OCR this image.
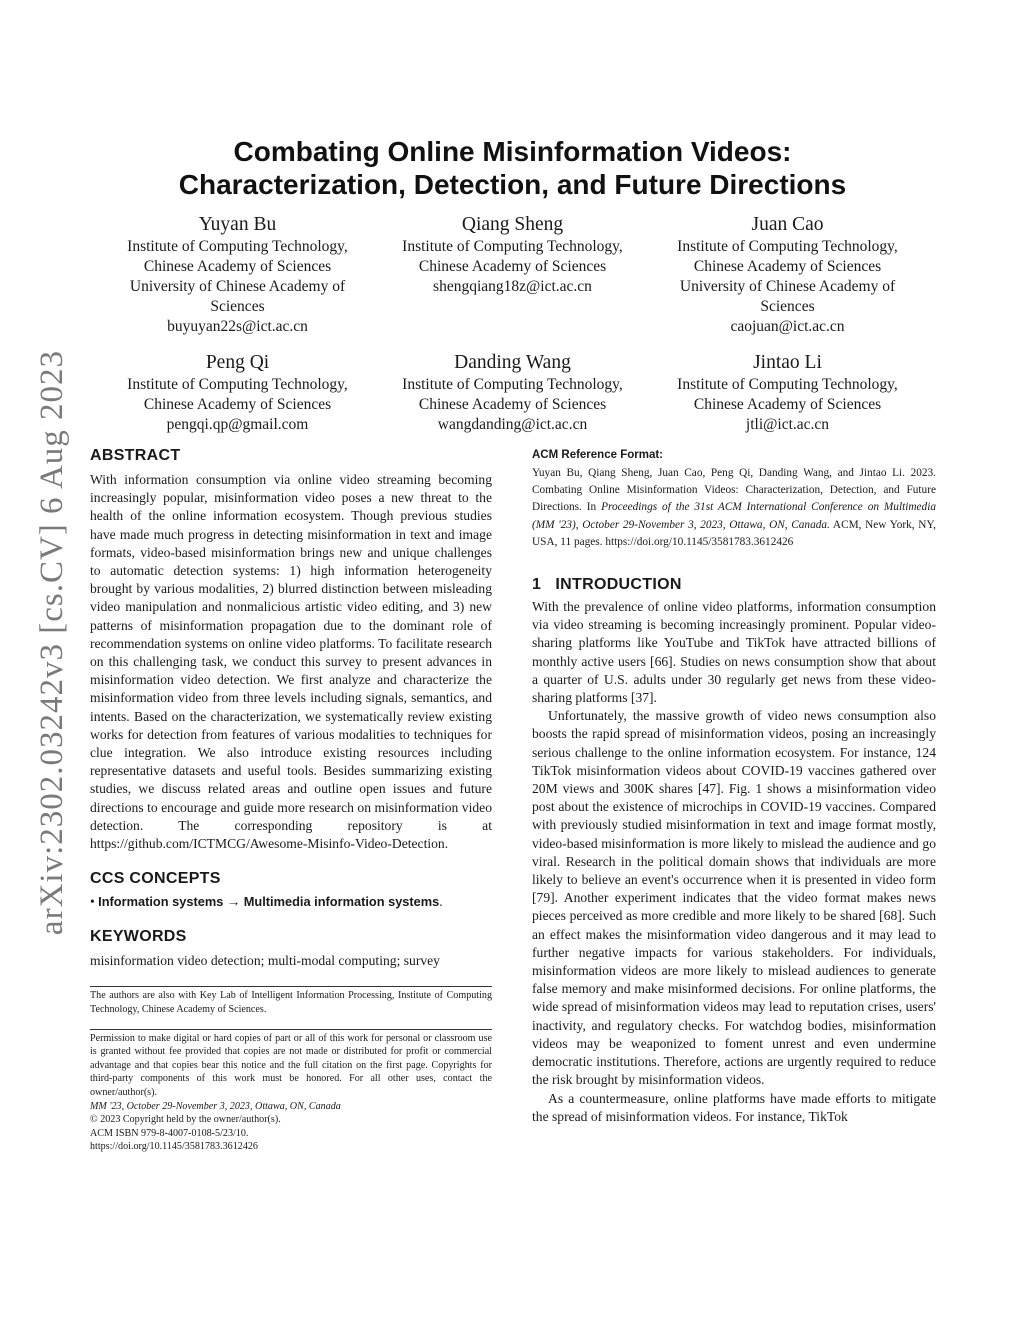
arXiv:2302.03242v3 [cs.CV] 6 Aug 2023
Combating Online Misinformation Videos:
Characterization, Detection, and Future Directions
Yuyan Bu
Institute of Computing Technology,
Chinese Academy of Sciences
University of Chinese Academy of
Sciences
buyuyan22s@ict.ac.cn
Qiang Sheng
Institute of Computing Technology,
Chinese Academy of Sciences
shengqiang18z@ict.ac.cn
Juan Cao
Institute of Computing Technology,
Chinese Academy of Sciences
University of Chinese Academy of
Sciences
caojuan@ict.ac.cn
Peng Qi
Institute of Computing Technology,
Chinese Academy of Sciences
pengqi.qp@gmail.com
Danding Wang
Institute of Computing Technology,
Chinese Academy of Sciences
wangdanding@ict.ac.cn
Jintao Li
Institute of Computing Technology,
Chinese Academy of Sciences
jtli@ict.ac.cn
ABSTRACT

With information consumption via online video streaming becoming increasingly popular, misinformation video poses a new threat to the health of the online information ecosystem. Though previous studies have made much progress in detecting misinformation in text and image formats, video-based misinformation brings new and unique challenges to automatic detection systems: 1) high information heterogeneity brought by various modalities, 2) blurred distinction between misleading video manipulation and nonmalicious artistic video editing, and 3) new patterns of misinformation propagation due to the dominant role of recommendation systems on online video platforms. To facilitate research on this challenging task, we conduct this survey to present advances in misinformation video detection. We first analyze and characterize the misinformation video from three levels including signals, semantics, and intents. Based on the characterization, we systematically review existing works for detection from features of various modalities to techniques for clue integration. We also introduce existing resources including representative datasets and useful tools. Besides summarizing existing studies, we discuss related areas and outline open issues and future directions to encourage and guide more research on misinformation video detection. The corresponding repository is at https://github.com/ICTMCG/Awesome-Misinfo-Video-Detection.

CCS CONCEPTS
• Information systems → Multimedia information systems.
KEYWORDS

misinformation video detection; multi-modal computing; survey

The authors are also with Key Lab of Intelligent Information Processing, Institute of Computing Technology, Chinese Academy of Sciences.

Permission to make digital or hard copies of part or all of this work for personal or classroom use is granted without fee provided that copies are not made or distributed for profit or commercial advantage and that copies bear this notice and the full citation on the first page. Copyrights for third-party components of this work must be honored. For all other uses, contact the owner/author(s).

MM '23, October 29-November 3, 2023, Ottawa, ON, Canada

© 2023 Copyright held by the owner/author(s).

ACM ISBN 979-8-4007-0108-5/23/10.

https://doi.org/10.1145/3581783.3612426

ACM Reference Format:

Yuyan Bu, Qiang Sheng, Juan Cao, Peng Qi, Danding Wang, and Jintao Li. 2023. Combating Online Misinformation Videos: Characterization, Detection, and Future Directions. In Proceedings of the 31st ACM International Conference on Multimedia (MM '23), October 29-November 3, 2023, Ottawa, ON, Canada. ACM, New York, NY, USA, 11 pages. https://doi.org/10.1145/3581783.3612426

1   INTRODUCTION

With the prevalence of online video platforms, information consumption via video streaming is becoming increasingly prominent. Popular video-sharing platforms like YouTube and TikTok have attracted billions of monthly active users [66]. Studies on news consumption show that about a quarter of U.S. adults under 30 regularly get news from these video-sharing platforms [37].

Unfortunately, the massive growth of video news consumption also boosts the rapid spread of misinformation videos, posing an increasingly serious challenge to the online information ecosystem. For instance, 124 TikTok misinformation videos about COVID-19 vaccines gathered over 20M views and 300K shares [47]. Fig. 1 shows a misinformation video post about the existence of microchips in COVID-19 vaccines. Compared with previously studied misinformation in text and image format mostly, video-based misinformation is more likely to mislead the audience and go viral. Research in the political domain shows that individuals are more likely to believe an event's occurrence when it is presented in video form [79]. Another experiment indicates that the video format makes news pieces perceived as more credible and more likely to be shared [68]. Such an effect makes the misinformation video dangerous and it may lead to further negative impacts for various stakeholders. For individuals, misinformation videos are more likely to mislead audiences to generate false memory and make misinformed decisions. For online platforms, the wide spread of misinformation videos may lead to reputation crises, users' inactivity, and regulatory checks. For watchdog bodies, misinformation videos may be weaponized to foment unrest and even undermine democratic institutions. Therefore, actions are urgently required to reduce the risk brought by misinformation videos.

As a countermeasure, online platforms have made efforts to mitigate the spread of misinformation videos. For instance, TikTok
